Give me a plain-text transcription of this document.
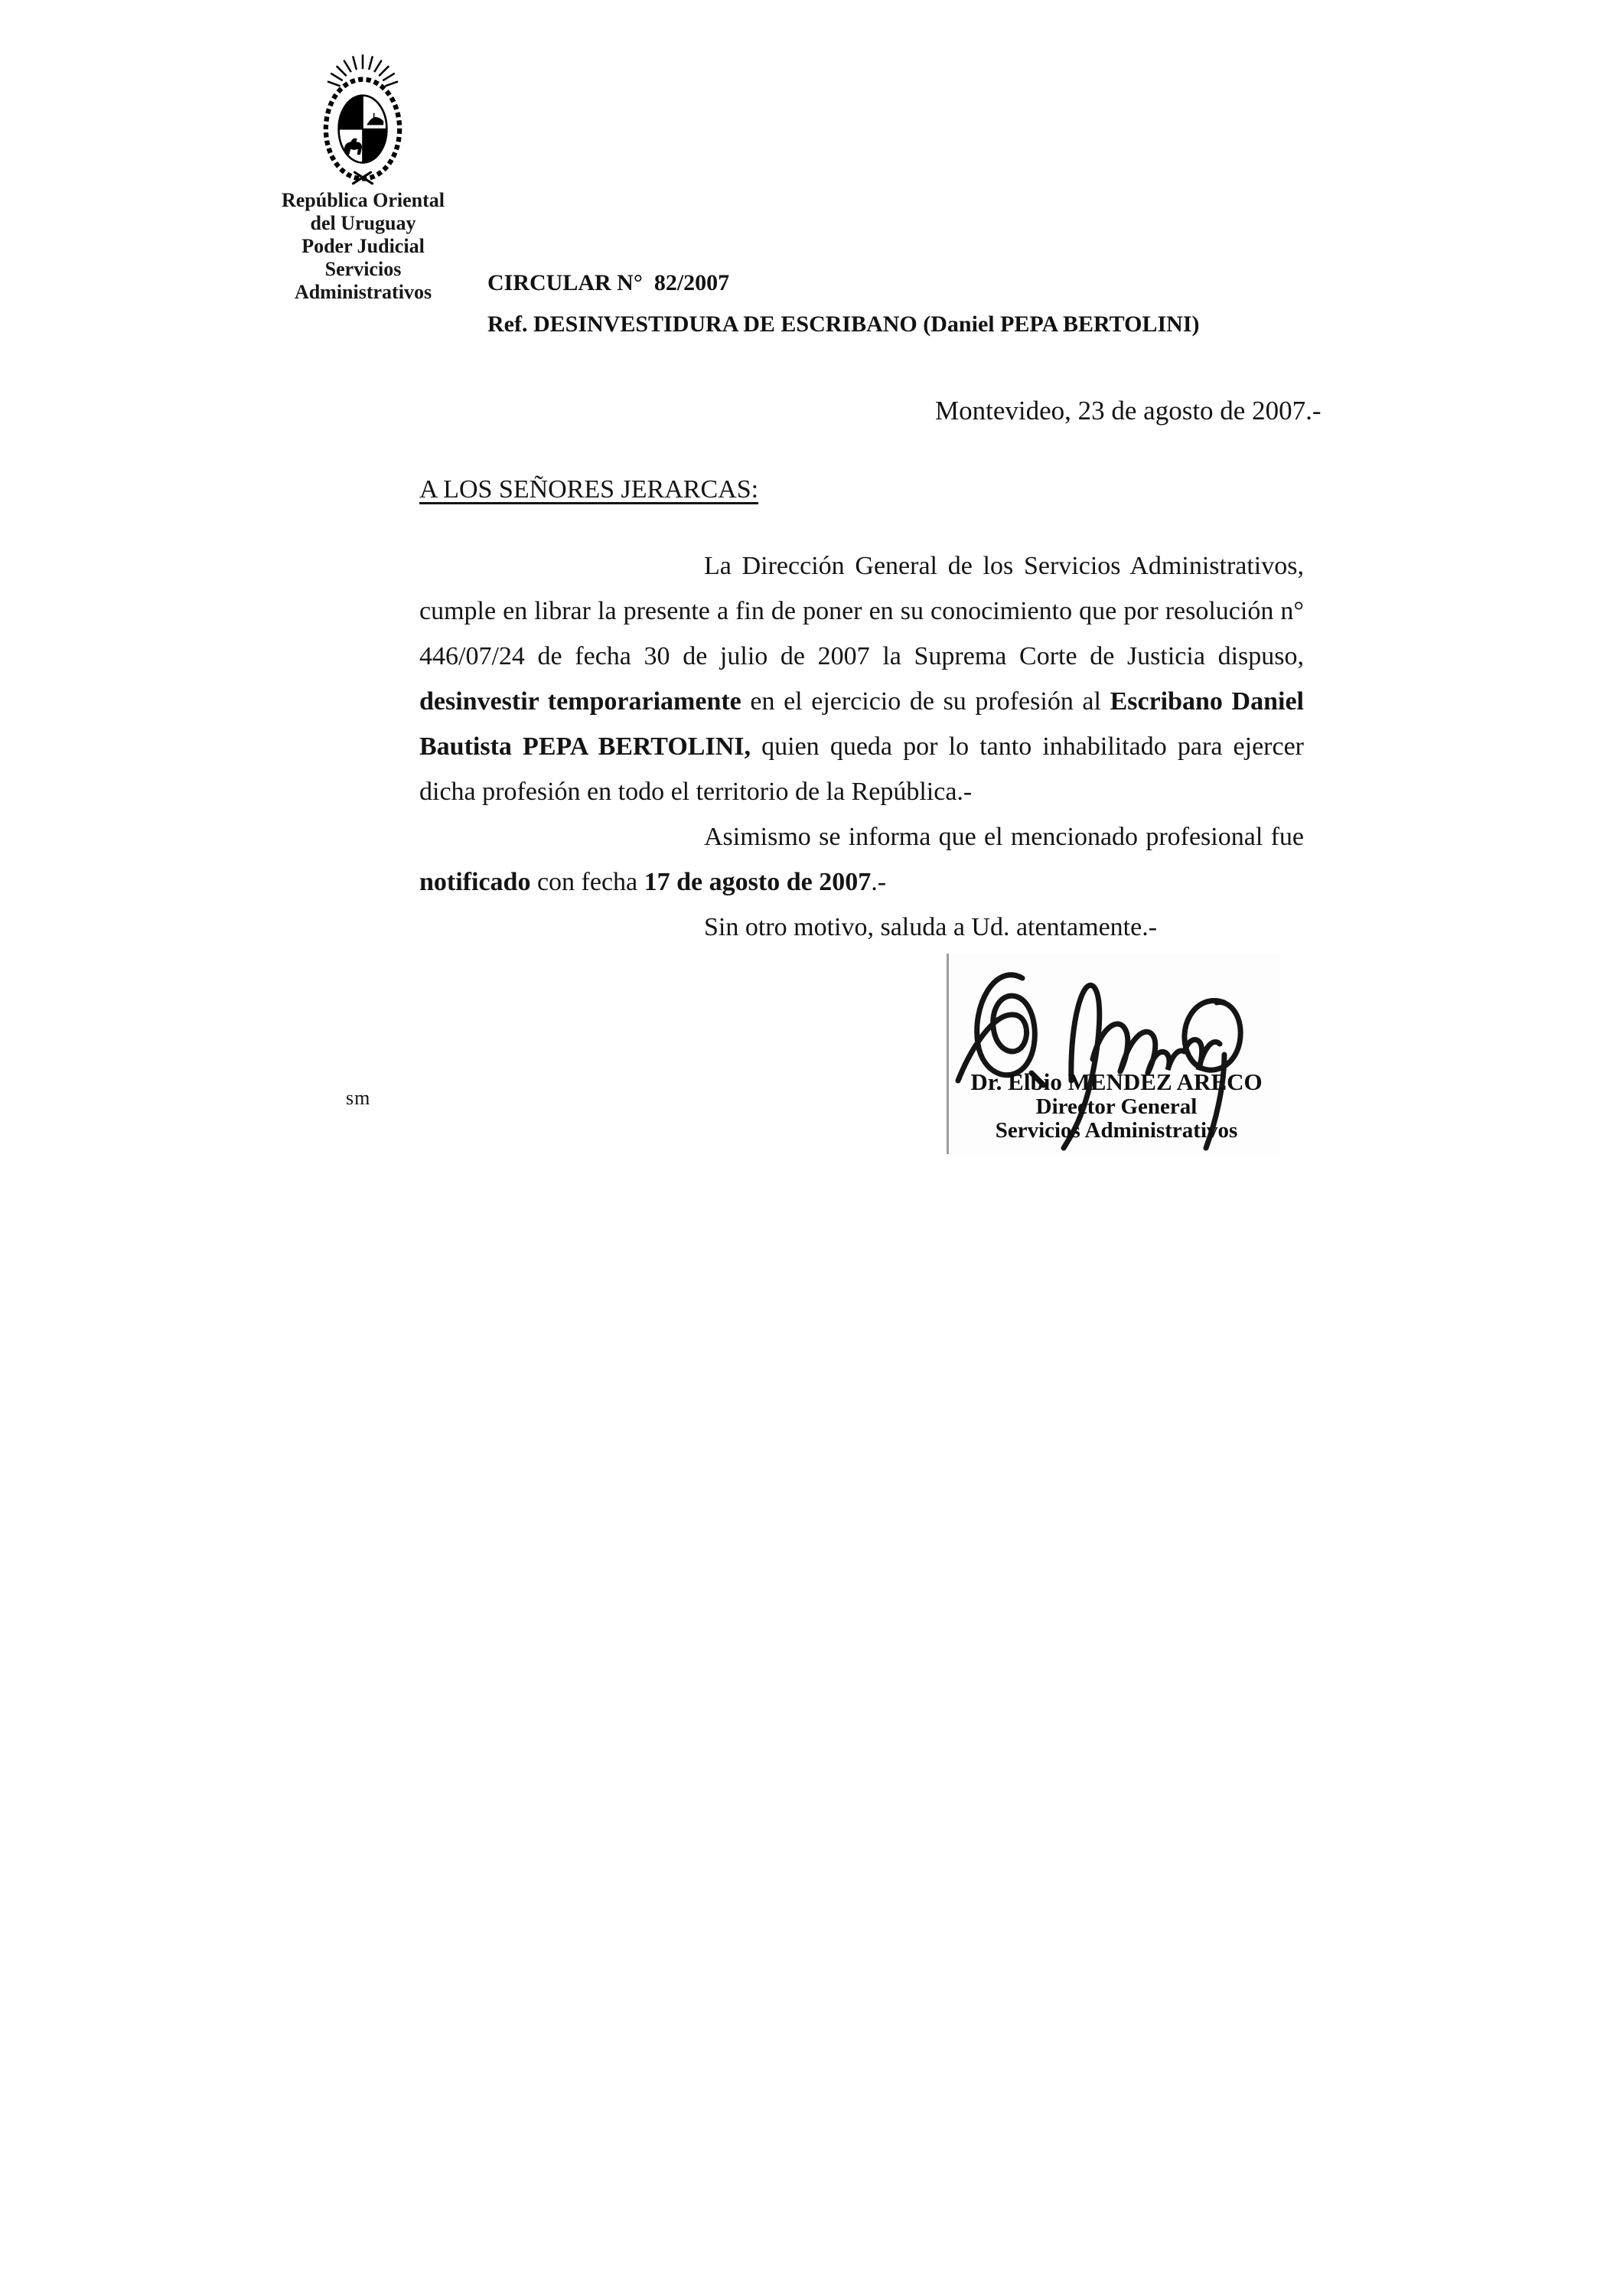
República Oriental
del Uruguay
Poder Judicial
Servicios
Administrativos	CIRCULAR N°  82/2007
Ref. DESINVESTIDURA DE ESCRIBANO (Daniel PEPA BERTOLINI)
Montevideo, 23 de agosto de 2007.-
A LOS SEÑORES JERARCAS:

La Dirección General de los Servicios Administrativos, cumple en librar la presente a fin de poner en su conocimiento que por resolución n° 446/07/24 de fecha 30 de julio de 2007 la Suprema Corte de Justicia dispuso, desinvestir temporariamente en el ejercicio de su profesión al Escribano Daniel Bautista PEPA BERTOLINI, quien queda por lo tanto inhabilitado para ejercer dicha profesión en todo el territorio de la República.-

Asimismo se informa que el mencionado profesional fue notificado con fecha 17 de agosto de 2007.-

Sin otro motivo, saluda a Ud. atentamente.-

sm
Dr. Elbio MENDEZ ARECO
Director General
Servicios Administrativos
